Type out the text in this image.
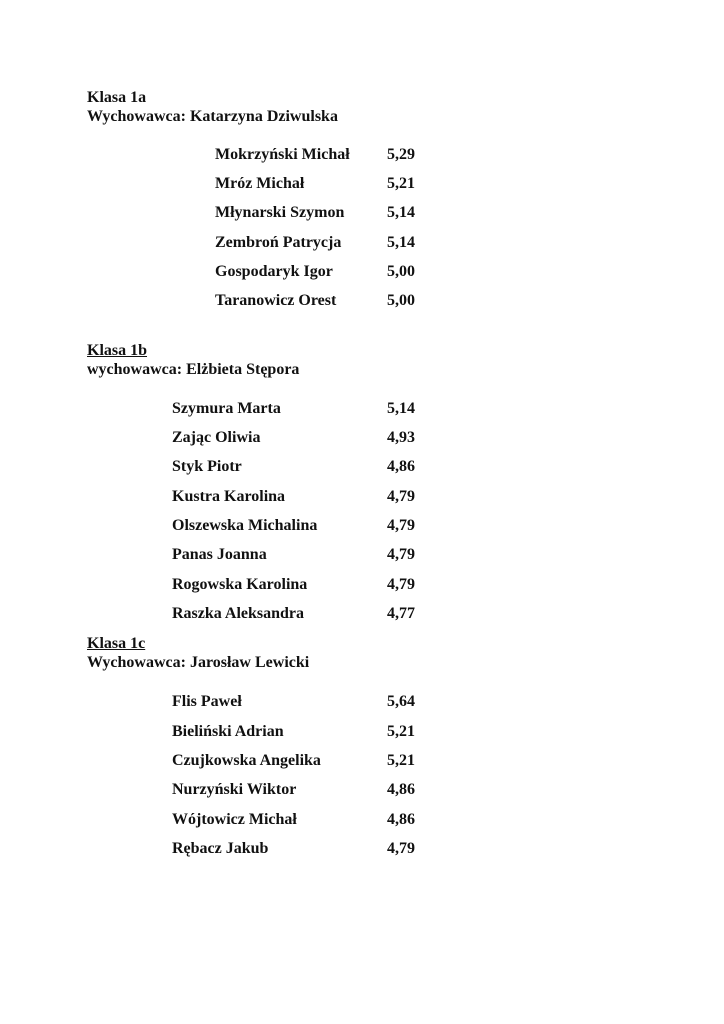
Klasa 1a
Wychowawca: Katarzyna Dziwulska
Mokrzyński Michał 5,29
Mróz Michał	5,21
Młynarski Szymon	5,14
Zembroń Patrycja	5,14
Gospodaryk Igor	5,00
Taranowicz Orest	5,00
Klasa 1b
wychowawca: Elżbieta Stępora
Szymura Marta	5,14
Zając Oliwia	4,93
Styk Piotr	4,86
Kustra Karolina	4,79
Olszewska Michalina	4,79
Panas Joanna	4,79
Rogowska Karolina	4,79
Raszka Aleksandra	4,77
Klasa 1c
Wychowawca: Jarosław Lewicki
Flis Paweł	5,64
Bieliński Adrian	5,21
Czujkowska Angelika	5,21
Nurzyński Wiktor	4,86
Wójtowicz Michał	4,86
Rębacz Jakub	4,79
